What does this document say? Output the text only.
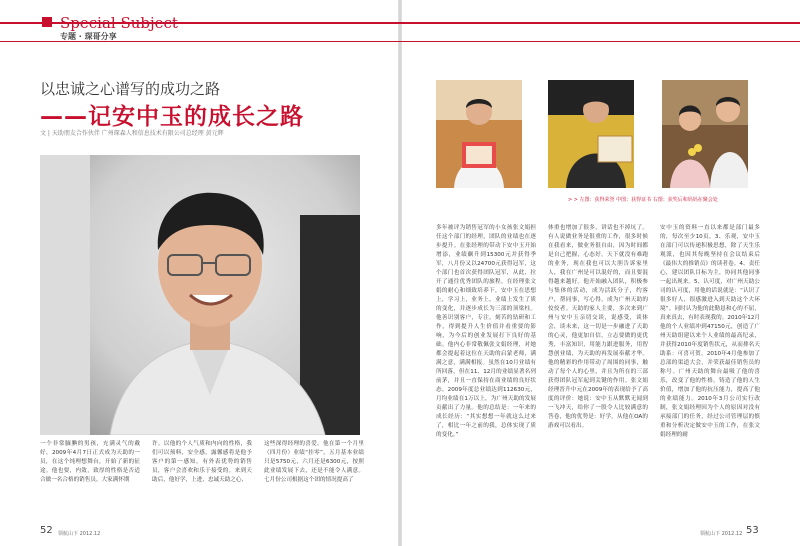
Special Subject
专题 · 琛哥分享
以忠诚之心谱写的成功之路
——记安中玉的成长之路
文 | 天助朋友合作伙伴 广州琛森人和信息技术有限公司总经理 黄元辉
> > 左图：获得荣誉 中图：获得证书 右图：获奖后和妈妈在聚会处
一个非常腼腆的男孩，充满灵气的戴好，2009年4月7日正式成为天助的一员，在这个纯理想舞台，开始了新的征途。他也要，内敛，致厚的性格是否适合做一名合格的销售员，大家满怀期
许。以他的个人气质和内向的性格，我们可以预料，安全感，露馨感将是他予客户的第一感知。有外表优势的销售员，客户会喜欢和乐于接受的。来到天助后，他好学，上进，忠诚天助之心，
这些深得经理的喜爱。他在第一个月里（四月份）业绩“挂零”，五月基本业绩只是5750元，六月还是6300元，按照此业绩发展下去，还是不能令人满意。七月份公司根据这个团的情况提高了
多年被评为销售冠军的小女孩张文娟担任这个部门的经理，团队的业绩也在逐步提升。在张经理的带动下安中玉开始增添，业绩飙升到15300元并获得季军，八月份又以24700元获得冠军，这个部门也首次获得团队冠军，从此，拉开了通往优秀团队的旅程。在经理张文娟的耐心和细致培养下，安中玉在思想上，学习上，业务上，业绩上发生了质的变化，并逐步成长为三部的顶梁柱。他善识别客户，专注，刻苦的钻研和工作，得到提升人生价值并看重要的影响，为今后的创业发展打下良好的基础。他内心非常敬佩张文娟经理，对她都会提起着这位在天助的启蒙老师，满满之意，满满相报。虽然在10月业绩有所回落，但在11、12月的业绩显著名列前茅，并且一直保持在商业绩的良好状态。2009年度总业绩达到112630元，月均业绩在1万以上，为广州天助的发展贡献出了力量。他的总结是：一年来的成长经历：“其实想想一年就这么过来了，相比一年之前的我，总体实现了质的变化。”
体重也增加了很多，讲话也不掉坑了。有人说做业务是很重的工作，很多时候在我看来，做业务很自由，因为时间都是自己把握，心态好，天下就没有难跑的业务，现在我也可以大胆告诉家里人，我在广州是可以混好的，而且要混得越来越好。他开始融入团队，积极参与集体的活动，成为活跃分子，约客户，帮同事，写心得，成为广州天助的佼佼者。天助的家人主要，多次来到广州与安中玉亲切交谈，说感受，谈体会，谈未来，这一切是一步融进了天助的心灵，他更加自信，立志要做的更优秀，丰富知识，用能力跟进服务，用智慧创业绩，为天助的再发展奉献才华。他的精彩的作用带动了周围的同事，触动了每个人的心里，并且为所在的三部获得团队冠军起到关键的作用。张文娟经理晋升中元在2009年的表现给予了高度的评价：她说：安中玉从默默无闻到一飞冲天，给你了一股令人比较满意的答卷，他的优势是：好学，从他在OA的游戏可以看出。
安中玉的资料一直以来都是部门最多的，每次至少10页，3、乐观，安中玉在部门可以传递积极思想，除了天生乐观派，也因其每晚坚持在会议结束后《最伟大的推销员》的读者卷。4、责任心，建以团队目标为主，协同其他同事一起出现来。5、认可度，对广州天助公司的认可度，用他的话说就是：“认识了很多好人，很感激进入到天助这个大环境”。同时认为他的此勤恳和心的不屈，真来真去，有时表现我的。2010年12月他的个人业绩冲到47150元，创造了广州天助组建以来个人业绩的最高纪录，并获得2010年度销售状元，从而排名天助系：可喜可贺。2010年4月他参加了总部的渠道大会，并荣获最佳销售员的称号。广州天助的舞台最吸了他的喜乐，改变了他的性格，铸造了他的人生价值，增加了他的抗压能力，提高了他的业绩能力。2010年3月公司实行改制，张文娟经理因为个人的原因对没有承接部门的任务，经过公司管理层的慎重和分析决定做安中玉的工作，在张文娟经理的耐
52 领航山下 2012.12	领航山下 2012.12 53
